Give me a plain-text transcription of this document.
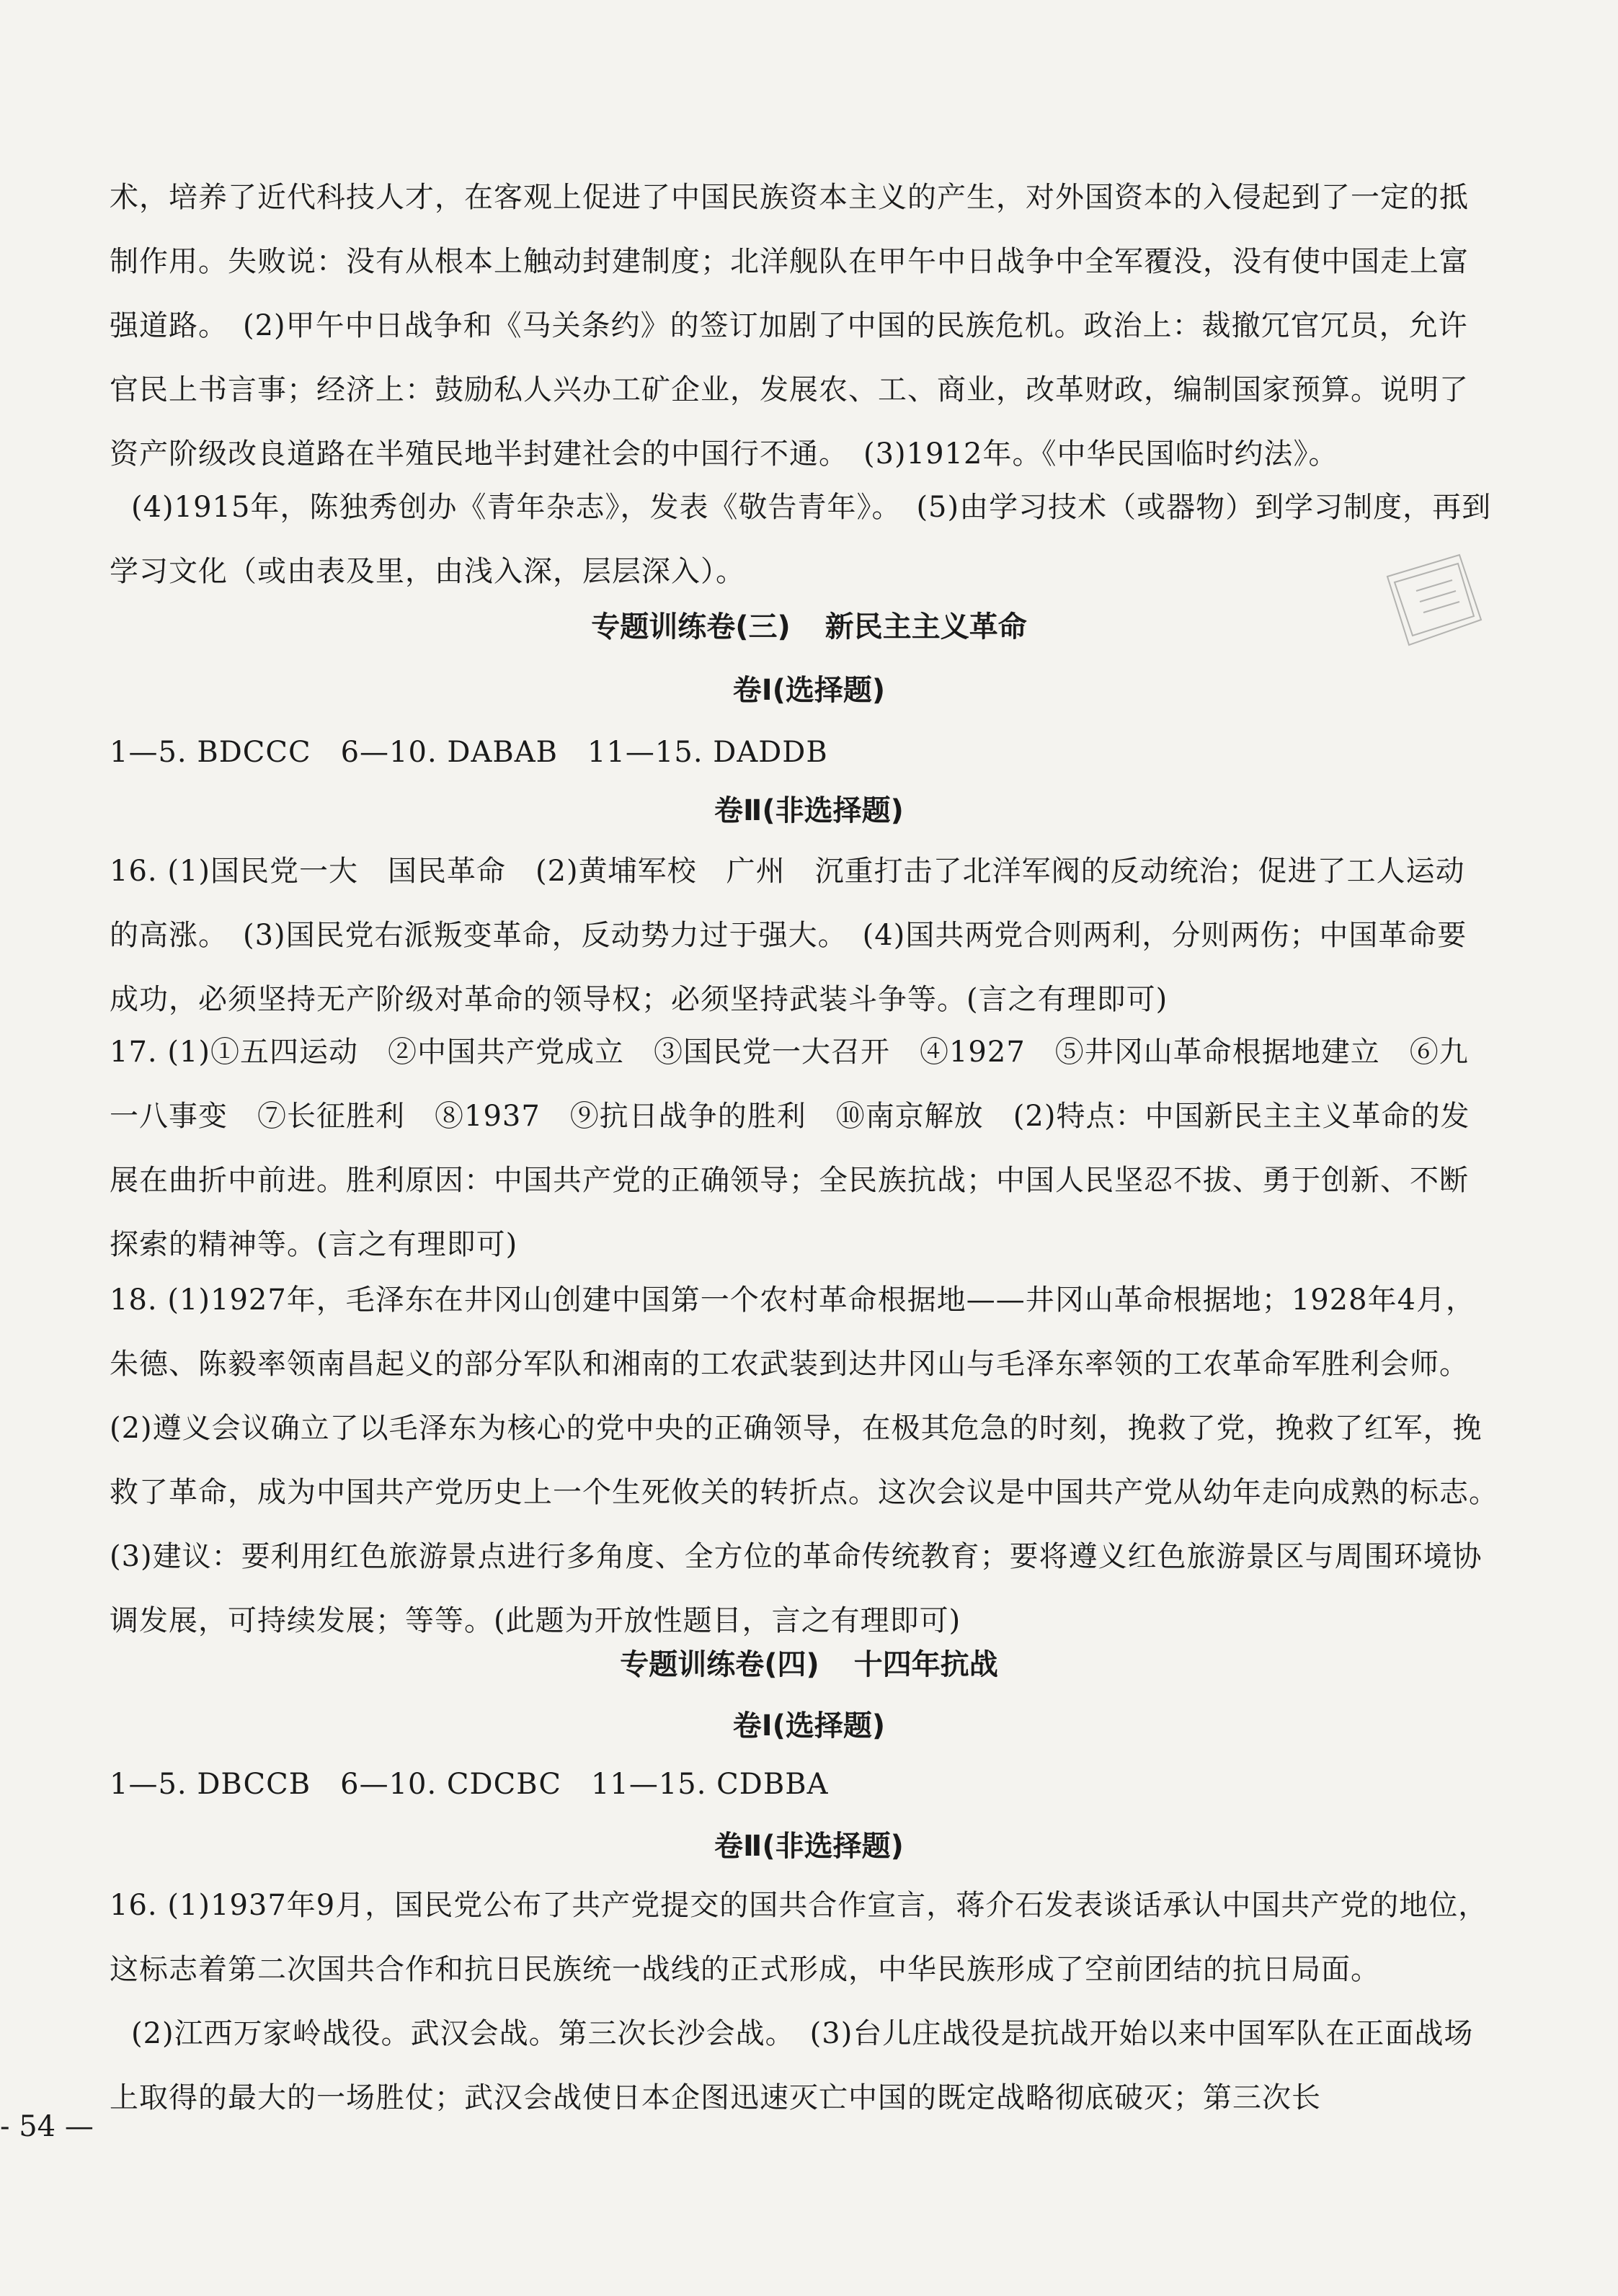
术，培养了近代科技人才，在客观上促进了中国民族资本主义的产生，对外国资本的入侵起到了一定的抵制作用。失败说：没有从根本上触动封建制度；北洋舰队在甲午中日战争中全军覆没，没有使中国走上富强道路。　(2)甲午中日战争和《马关条约》的签订加剧了中国的民族危机。政治上：裁撤冗官冗员，允许官民上书言事；经济上：鼓励私人兴办工矿企业，发展农、工、商业，改革财政，编制国家预算。说明了资产阶级改良道路在半殖民地半封建社会的中国行不通。　(3)1912年。《中华民国临时约法》。

(4)1915年，陈独秀创办《青年杂志》，发表《敬告青年》。　(5)由学习技术（或器物）到学习制度，再到学习文化（或由表及里，由浅入深，层层深入）。

专题训练卷(三) 新民主主义革命
卷Ⅰ(选择题)

1—5. BDCCC　6—10. DABAB　11—15. DADDB

卷Ⅱ(非选择题)

16. (1)国民党一大　国民革命　(2)黄埔军校　广州　沉重打击了北洋军阀的反动统治；促进了工人运动的高涨。　(3)国民党右派叛变革命，反动势力过于强大。　(4)国共两党合则两利，分则两伤；中国革命要成功，必须坚持无产阶级对革命的领导权；必须坚持武装斗争等。(言之有理即可)

17. (1)①五四运动　②中国共产党成立　③国民党一大召开　④1927　⑤井冈山革命根据地建立　⑥九一八事变　⑦长征胜利　⑧1937　⑨抗日战争的胜利　⑩南京解放　(2)特点：中国新民主主义革命的发展在曲折中前进。胜利原因：中国共产党的正确领导；全民族抗战；中国人民坚忍不拔、勇于创新、不断探索的精神等。(言之有理即可)

18. (1)1927年，毛泽东在井冈山创建中国第一个农村革命根据地——井冈山革命根据地；1928年4月，朱德、陈毅率领南昌起义的部分军队和湘南的工农武装到达井冈山与毛泽东率领的工农革命军胜利会师。　(2)遵义会议确立了以毛泽东为核心的党中央的正确领导，在极其危急的时刻，挽救了党，挽救了红军，挽救了革命，成为中国共产党历史上一个生死攸关的转折点。这次会议是中国共产党从幼年走向成熟的标志。　(3)建议：要利用红色旅游景点进行多角度、全方位的革命传统教育；要将遵义红色旅游景区与周围环境协调发展，可持续发展；等等。(此题为开放性题目，言之有理即可)

专题训练卷(四) 十四年抗战
卷Ⅰ(选择题)

1—5. DBCCB　6—10. CDCBC　11—15. CDBBA

卷Ⅱ(非选择题)

16. (1)1937年9月，国民党公布了共产党提交的国共合作宣言，蒋介石发表谈话承认中国共产党的地位，这标志着第二次国共合作和抗日民族统一战线的正式形成，中华民族形成了空前团结的抗日局面。

(2)江西万家岭战役。武汉会战。第三次长沙会战。　(3)台儿庄战役是抗战开始以来中国军队在正面战场上取得的最大的一场胜仗；武汉会战使日本企图迅速灭亡中国的既定战略彻底破灭；第三次长

- 54 —
